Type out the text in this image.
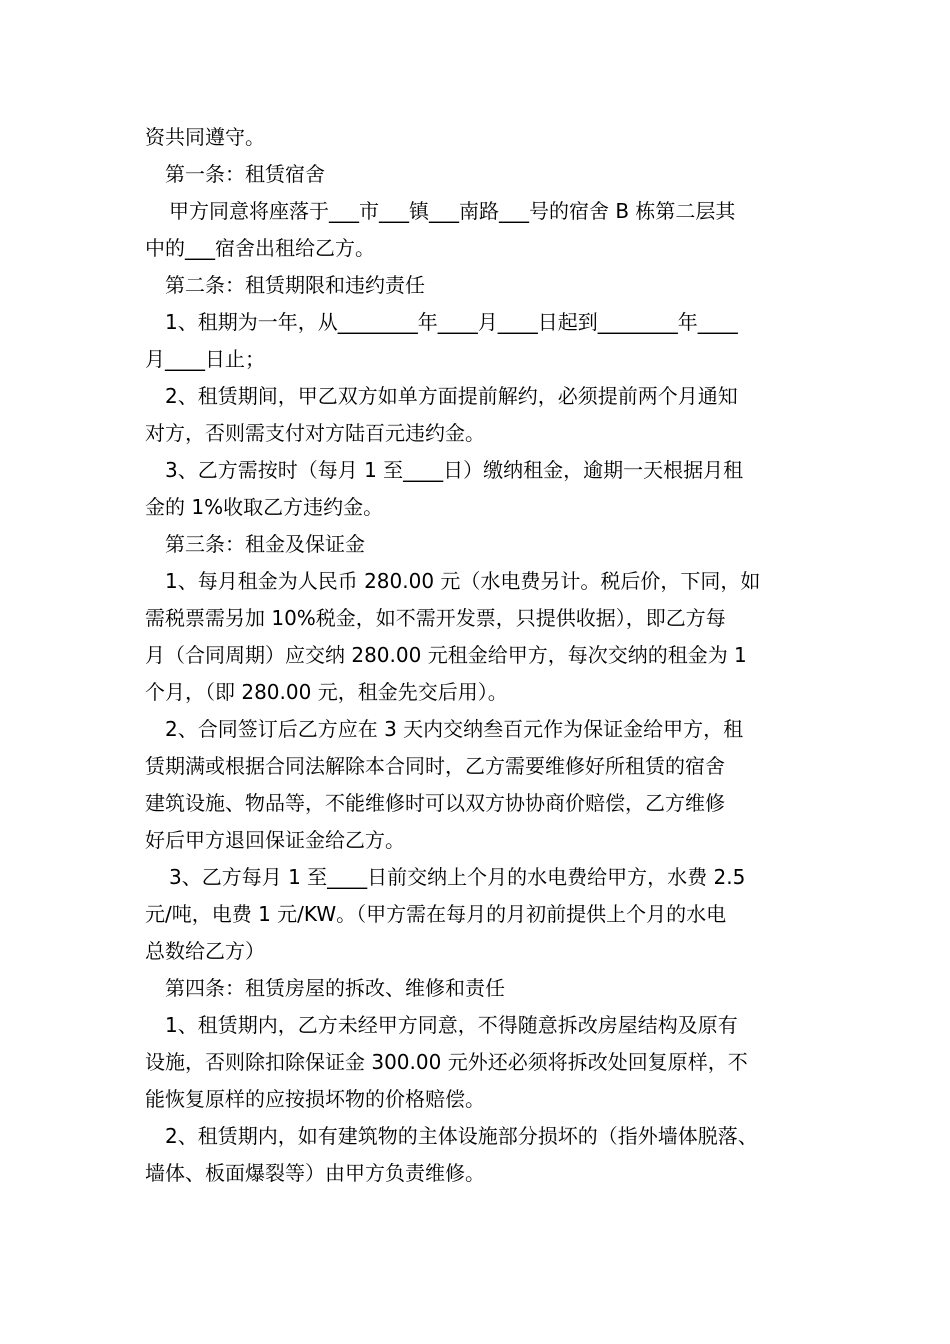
资共同遵守。
第一条：租赁宿舍
甲方同意将座落于___市___镇___南路___号的宿舍 B 栋第二层其
中的___宿舍出租给乙方。
第二条：租赁期限和违约责任
1、租期为一年，从________年____月____日起到________年____
月____日止；
2、租赁期间，甲乙双方如单方面提前解约，必须提前两个月通知
对方，否则需支付对方陆百元违约金。
3、乙方需按时（每月 1 至____日）缴纳租金，逾期一天根据月租
金的 1%收取乙方违约金。
第三条：租金及保证金
1、每月租金为人民币 280.00 元（水电费另计。税后价，下同，如
需税票需另加 10%税金，如不需开发票，只提供收据），即乙方每
月（合同周期）应交纳 280.00 元租金给甲方，每次交纳的租金为 1
个月，（即 280.00 元，租金先交后用）。
2、合同签订后乙方应在 3 天内交纳叁百元作为保证金给甲方，租
赁期满或根据合同法解除本合同时，乙方需要维修好所租赁的宿舍
建筑设施、物品等，不能维修时可以双方协协商价赔偿，乙方维修
好后甲方退回保证金给乙方。
3、乙方每月 1 至____日前交纳上个月的水电费给甲方，水费 2.5
元/吨，电费 1 元/KW。（甲方需在每月的月初前提供上个月的水电
总数给乙方）
第四条：租赁房屋的拆改、维修和责任
1、租赁期内，乙方未经甲方同意，不得随意拆改房屋结构及原有
设施，否则除扣除保证金 300.00 元外还必须将拆改处回复原样，不
能恢复原样的应按损坏物的价格赔偿。
2、租赁期内，如有建筑物的主体设施部分损坏的（指外墙体脱落、
墙体、板面爆裂等）由甲方负责维修。
